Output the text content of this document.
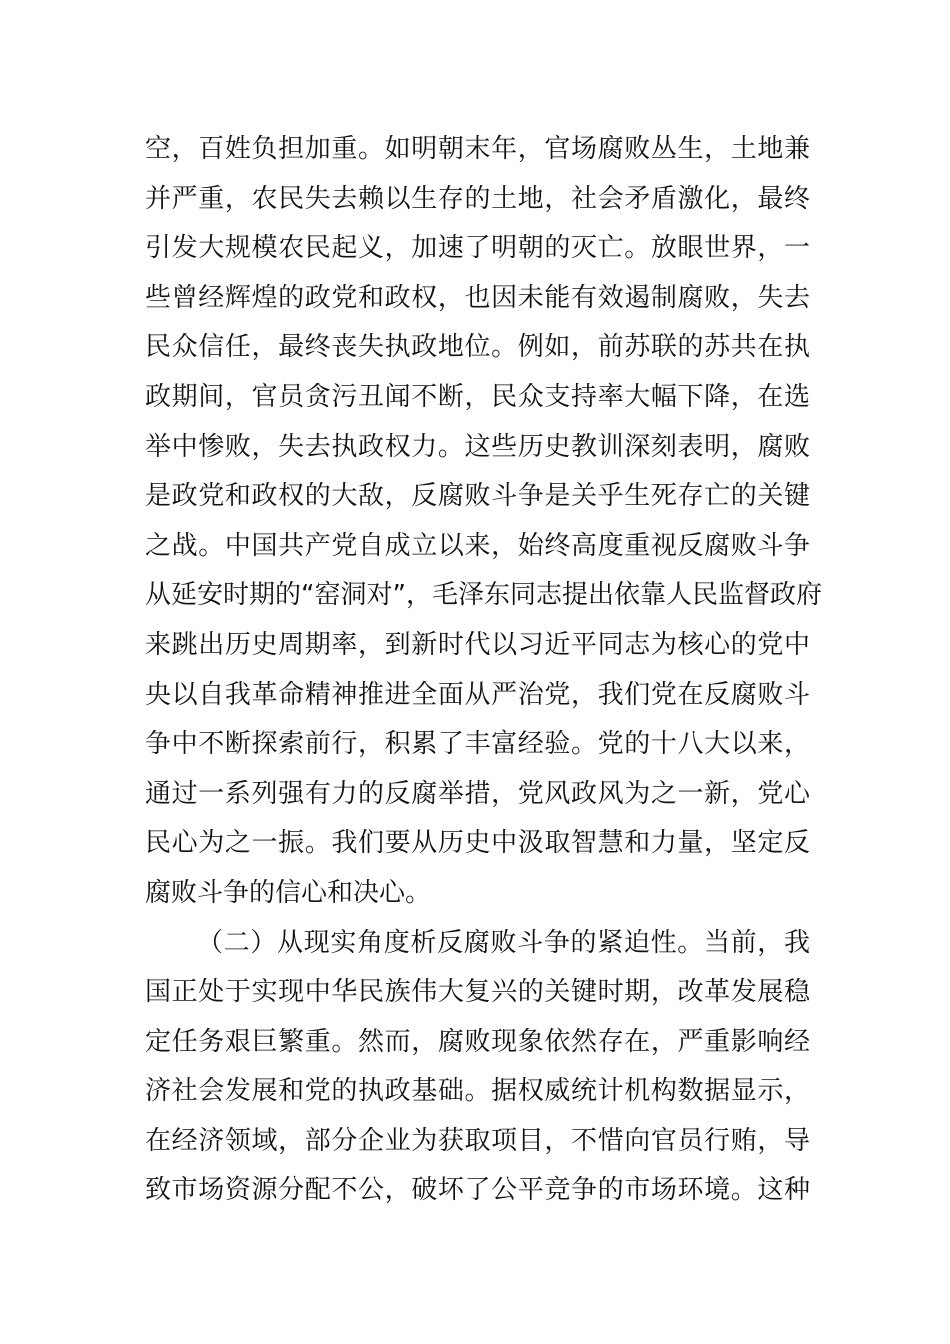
空，百姓负担加重。如明朝末年，官场腐败丛生，土地兼
并严重，农民失去赖以生存的土地，社会矛盾激化，最终
引发大规模农民起义，加速了明朝的灭亡。放眼世界，一
些曾经辉煌的政党和政权，也因未能有效遏制腐败，失去
民众信任，最终丧失执政地位。例如，前苏联的苏共在执
政期间，官员贪污丑闻不断，民众支持率大幅下降，在选
举中惨败，失去执政权力。这些历史教训深刻表明，腐败
是政党和政权的大敌，反腐败斗争是关乎生死存亡的关键
之战。中国共产党自成立以来，始终高度重视反腐败斗争
从延安时期的“窑洞对”，毛泽东同志提出依靠人民监督政府
来跳出历史周期率，到新时代以习近平同志为核心的党中
央以自我革命精神推进全面从严治党，我们党在反腐败斗
争中不断探索前行，积累了丰富经验。党的十八大以来，
通过一系列强有力的反腐举措，党风政风为之一新，党心
民心为之一振。我们要从历史中汲取智慧和力量，坚定反
腐败斗争的信心和决心。
（二）从现实角度析反腐败斗争的紧迫性。当前，我
国正处于实现中华民族伟大复兴的关键时期，改革发展稳
定任务艰巨繁重。然而，腐败现象依然存在，严重影响经
济社会发展和党的执政基础。据权威统计机构数据显示，
在经济领域，部分企业为获取项目，不惜向官员行贿，导
致市场资源分配不公，破坏了公平竞争的市场环境。这种
